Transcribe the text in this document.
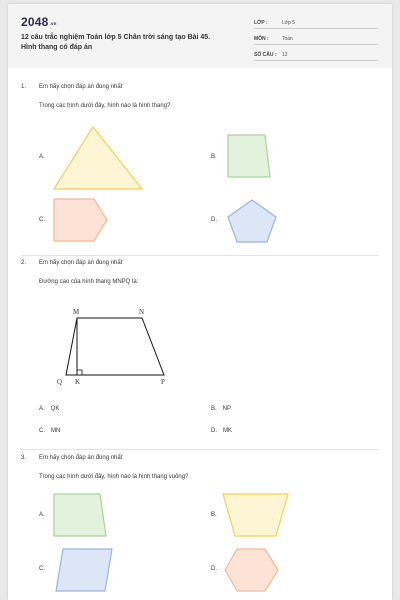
2048.vn
12 câu trắc nghiệm Toán lớp 5 Chân trời sáng tạo Bài 45.
Hình thang có đáp án
LỚP :	Lớp 5
MÔN :	Toán
SỐ CÂU : 12
1. Em hãy chọn đáp án đúng nhất
Trong các hình dưới đây, hình nào là hình thang?
A.	B.
C.	D.
2. Em hãy chọn đáp án đúng nhất
Đường cao của hình thang MNPQ là:
M	N
Q K	P
A. QK	B. NP
C. MN	D. MK
3. Em hãy chọn đáp án đúng nhất
Trong các hình dưới đây, hình nào là hình thang vuông?
A.	B.
C.	D.
